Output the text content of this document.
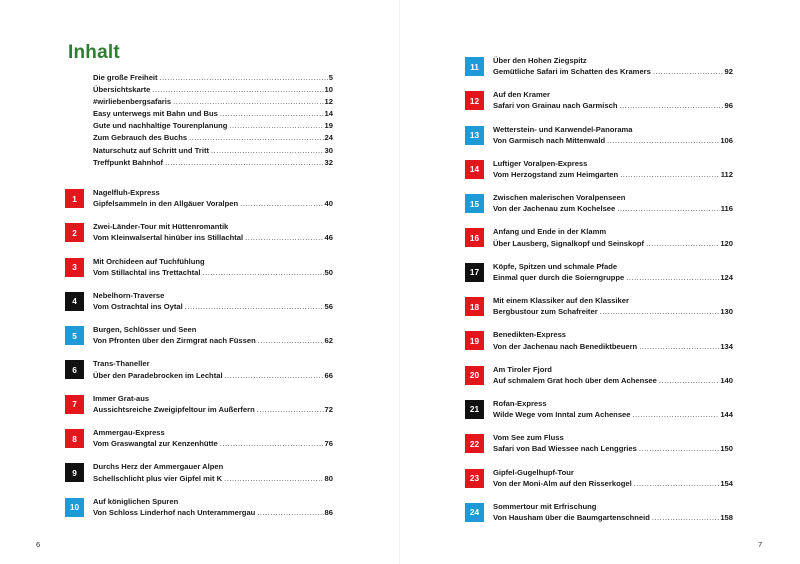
Inhalt
Die große Freiheit .....	5
Übersichtskarte .....	10
#wirliebenbergsafaris .....	12
Easy unterwegs mit Bahn und Bus .....	14
Gute und nachhaltige Tourenplanung .....	19
Zum Gebrauch des Buchs .....	24
Naturschutz auf Schritt und Tritt .....	30
Treffpunkt Bahnhof .....	32
1
Nagelfluh-Express
Gipfelsammeln in den Allgäuer Voralpen .....	40
2
Zwei-Länder-Tour mit Hüttenromantik
Vom Kleinwalsertal hinüber ins Stillachtal .....	46
3
Mit Orchideen auf Tuchfühlung
Vom Stillachtal ins Trettachtal .....	50
4
Nebelhorn-Traverse
Vom Ostrachtal ins Oytal .....	56
5
Burgen, Schlösser und Seen
Von Pfronten über den Zirmgrat nach Füssen .....	62
6
Trans-Thaneller
Über den Paradebrocken im Lechtal .....	66
7
Immer Grat-aus
Aussichtsreiche Zweigipfeltour im Außerfern .....	72
8
Ammergau-Express
Vom Graswangtal zur Kenzenhütte .....	76
9
Durchs Herz der Ammergauer Alpen
Schellschlicht plus vier Gipfel mit K .....	80
10
Auf königlichen Spuren
Von Schloss Linderhof nach Unterammergau .....	86
6
11
Über den Hohen Ziegspitz
Gemütliche Safari im Schatten des Kramers .....	92
12
Auf den Kramer
Safari von Grainau nach Garmisch .....	96
13
Wetterstein- und Karwendel-Panorama
Von Garmisch nach Mittenwald .....	106
14
Luftiger Voralpen-Express
Vom Herzogstand zum Heimgarten .....	112
15
Zwischen malerischen Voralpenseen
Von der Jachenau zum Kochelsee .....	116
16
Anfang und Ende in der Klamm
Über Lausberg, Signalkopf und Seinskopf .....	120
17
Köpfe, Spitzen und schmale Pfade
Einmal quer durch die Soierngruppe .....	124
18
Mit einem Klassiker auf den Klassiker
Bergbustour zum Schafreiter .....	130
19
Benedikten-Express
Von der Jachenau nach Benediktbeuern .....	134
20
Am Tiroler Fjord
Auf schmalem Grat hoch über dem Achensee .....	140
21
Rofan-Express
Wilde Wege vom Inntal zum Achensee .....	144
22
Vom See zum Fluss
Safari von Bad Wiessee nach Lenggries .....	150
23
Gipfel-Gugelhupf-Tour
Von der Moni-Alm auf den Risserkogel .....	154
24
Sommertour mit Erfrischung
Von Hausham über die Baumgartenschneid .....	158
7
